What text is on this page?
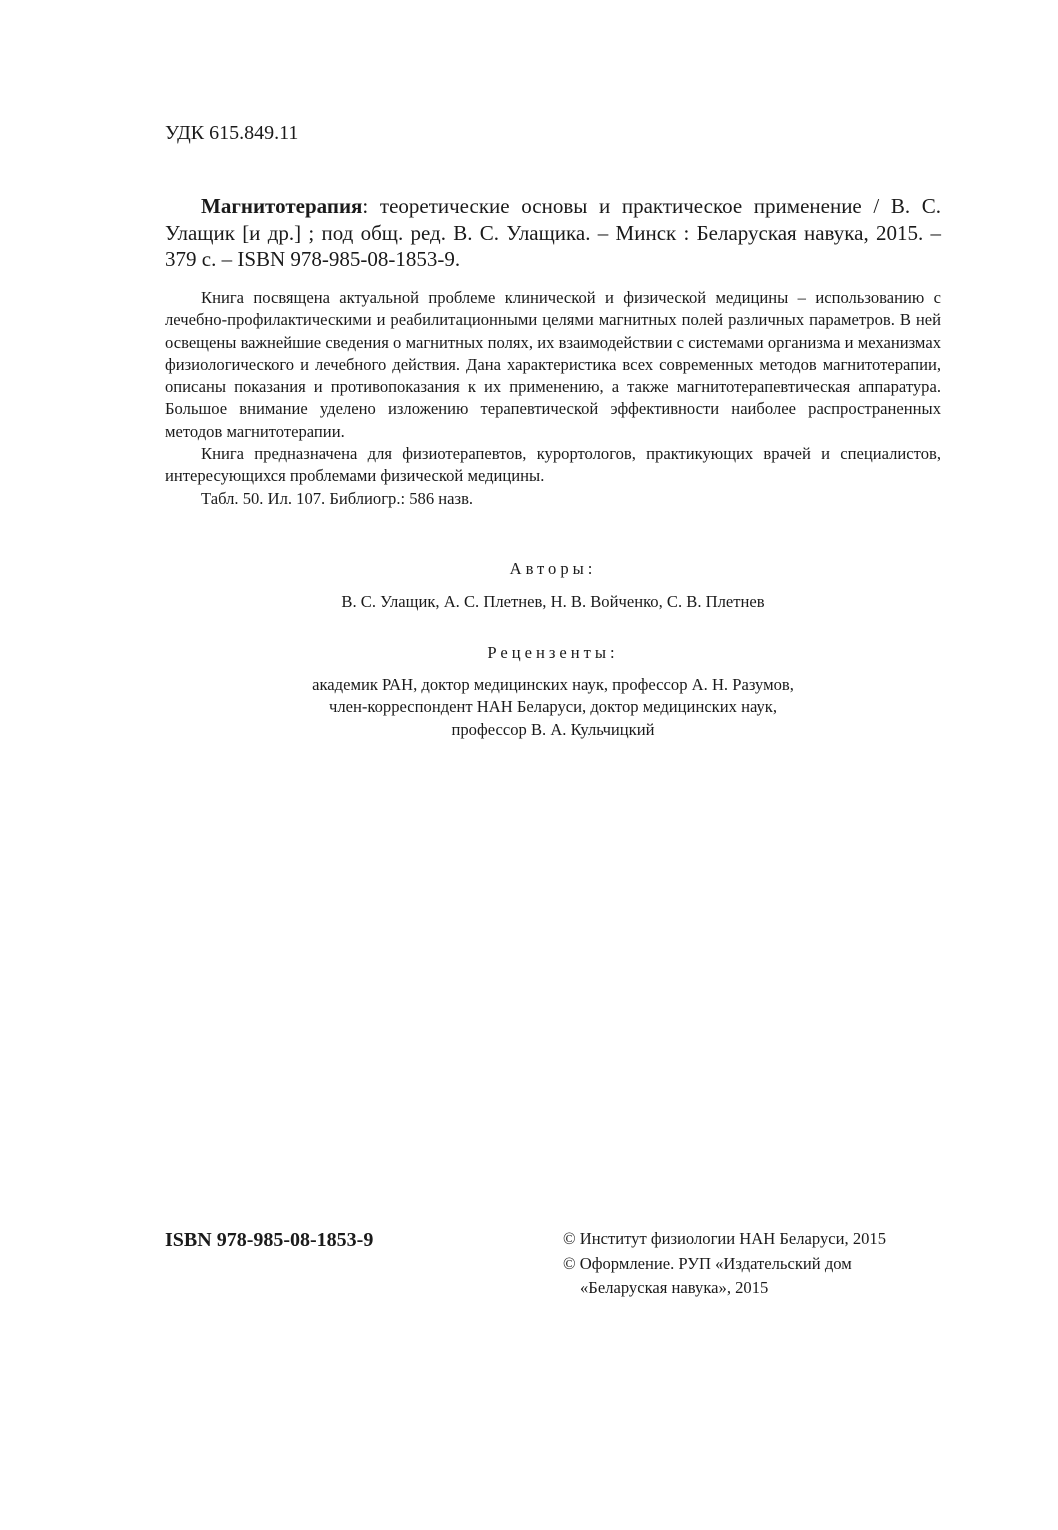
УДК 615.849.11
Магнитотерапия: теоретические основы и практическое применение / В. С. Улащик [и др.] ; под общ. ред. В. С. Улащика. – Минск : Беларуская навука, 2015. – 379 с. – ISBN 978-985-08-1853-9.

Книга посвящена актуальной проблеме клинической и физической медицины – использованию с лечебно-профилактическими и реабилитационными целями магнитных полей различных параметров. В ней освещены важнейшие сведения о магнитных полях, их взаимодействии с системами организма и механизмах физиологического и лечебного действия. Дана характеристика всех современных методов магнитотерапии, описаны показания и противопоказания к их применению, а также магнитотерапевтическая аппаратура. Большое внимание уделено изложению терапевтической эффективности наиболее распространенных методов магнитотерапии.

Книга предназначена для физиотерапевтов, курортологов, практикующих врачей и специалистов, интересующихся проблемами физической медицины.

Табл. 50. Ил. 107. Библиогр.: 586 назв.

Авторы:
В. С. Улащик, А. С. Плетнев, Н. В. Войченко, С. В. Плетнев
Рецензенты:
академик РАН, доктор медицинских наук, профессор А. Н. Разумов,
член-корреспондент НАН Беларуси, доктор медицинских наук,
профессор В. А. Кульчицкий
ISBN 978-985-08-1853-9	© Институт физиологии НАН Беларуси, 2015
© Оформление. РУП «Издательский дом
«Беларуская навука», 2015
